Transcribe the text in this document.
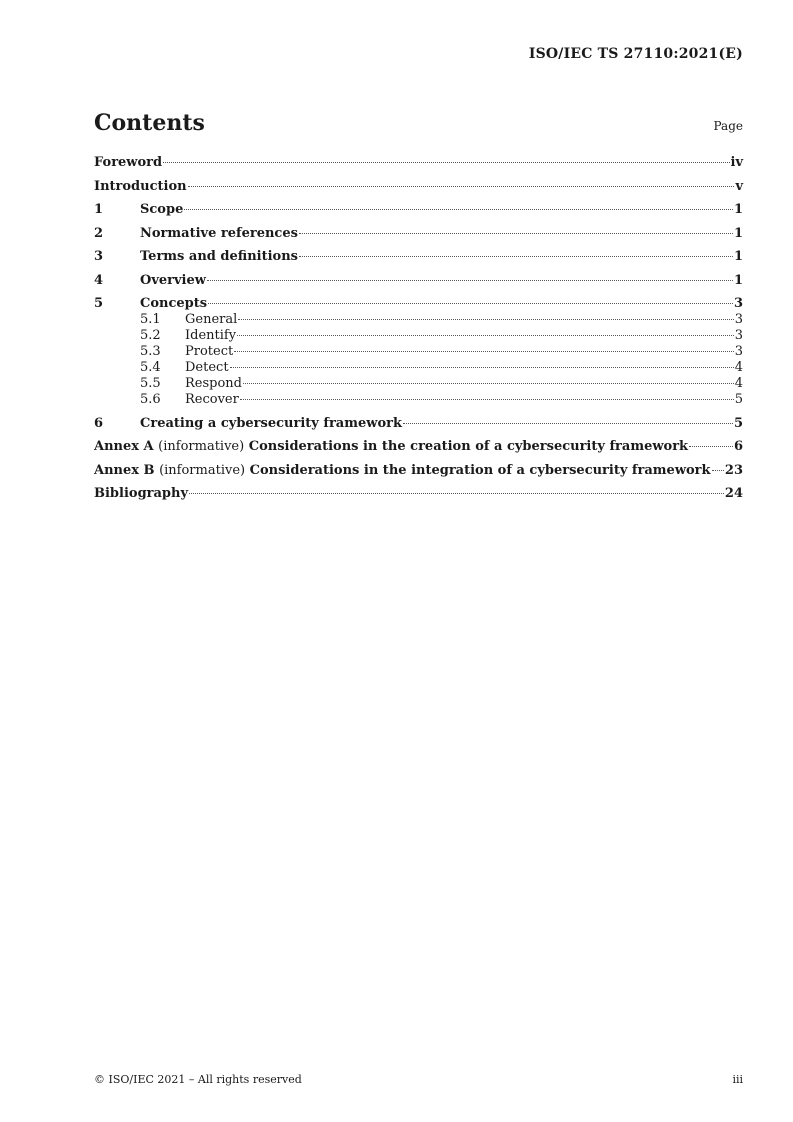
ISO/IEC TS 27110:2021(E)
Contents	Page
Foreword	iv
Introduction	v
1	Scope	1
2	Normative references	1
3	Terms and definitions	1
4	Overview	1
5	Concepts	3
5.1	General	3
5.2	Identify	3
5.3	Protect	3
5.4	Detect	4
5.5	Respond	4
5.6	Recover	5
6	Creating a cybersecurity framework	5
Annex A (informative) Considerations in the creation of a cybersecurity framework	6
Annex B (informative) Considerations in the integration of a cybersecurity framework 23
Bibliography	24
© ISO/IEC 2021 – All rights reserved	iii
